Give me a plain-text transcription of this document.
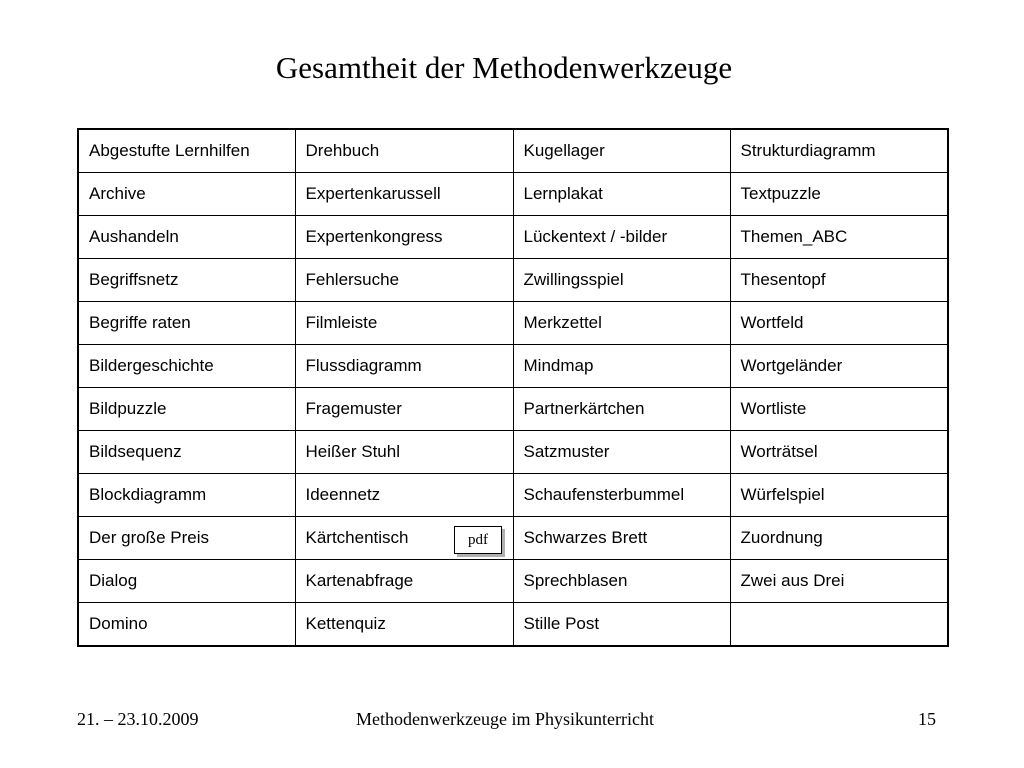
Gesamtheit der Methodenwerkzeuge
Abgestufte Lernhilfen	Drehbuch	Kugellager	Strukturdiagramm
Archive	Expertenkarussell	Lernplakat	Textpuzzle
Aushandeln	Expertenkongress	Lückentext / -bilder	Themen_ABC
Begriffsnetz	Fehlersuche	Zwillingsspiel	Thesentopf
Begriffe raten	Filmleiste	Merkzettel	Wortfeld
Bildergeschichte	Flussdiagramm	Mindmap	Wortgeländer
Bildpuzzle	Fragemuster	Partnerkärtchen	Wortliste
Bildsequenz	Heißer Stuhl	Satzmuster	Worträtsel
Blockdiagramm	Ideennetz	Schaufensterbummel	Würfelspiel
Der große Preis	Kärtchentisch	Schwarzes Brett	Zuordnung
Dialog	Kartenabfrage	Sprechblasen	Zwei aus Drei
Domino	Kettenquiz	Stille Post	
pdf
Methodenwerkzeuge im Physikunterricht
21. – 23.10.2009	15
